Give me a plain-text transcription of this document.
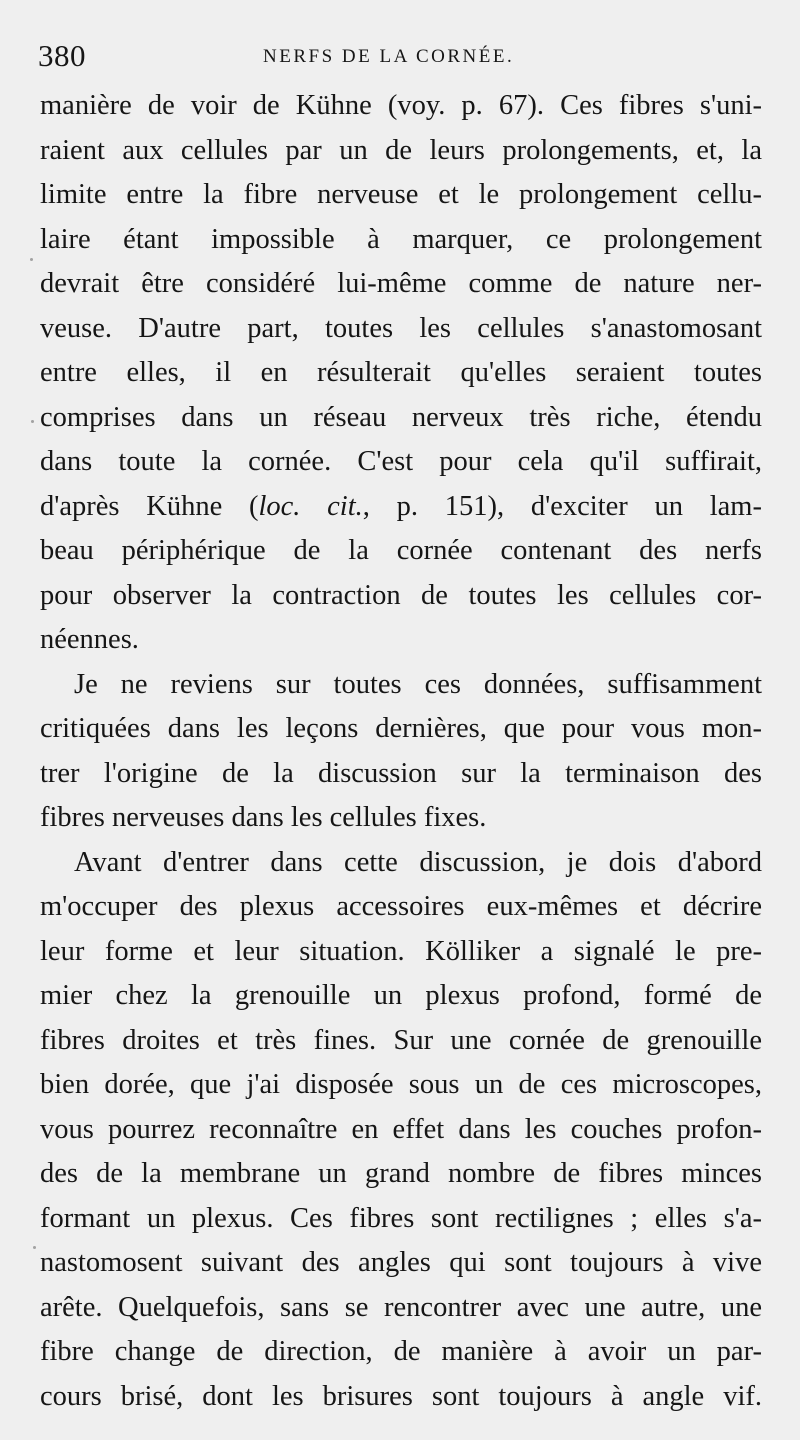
380	NERFS DE LA CORNÉE.
manière de voir de Kühne (voy. p. 67). Ces fibres s'uni-
raient aux cellules par un de leurs prolongements, et, la
limite entre la fibre nerveuse et le prolongement cellu-
laire étant impossible à marquer, ce prolongement
devrait être considéré lui-même comme de nature ner-
veuse. D'autre part, toutes les cellules s'anastomosant
entre elles, il en résulterait qu'elles seraient toutes
comprises dans un réseau nerveux très riche, étendu
dans toute la cornée. C'est pour cela qu'il suffirait,
d'après Kühne (loc. cit., p. 151), d'exciter un lam-
beau périphérique de la cornée contenant des nerfs
pour observer la contraction de toutes les cellules cor-
néennes.
Je ne reviens sur toutes ces données, suffisamment
critiquées dans les leçons dernières, que pour vous mon-
trer l'origine de la discussion sur la terminaison des
fibres nerveuses dans les cellules fixes.
Avant d'entrer dans cette discussion, je dois d'abord
m'occuper des plexus accessoires eux-mêmes et décrire
leur forme et leur situation. Kölliker a signalé le pre-
mier chez la grenouille un plexus profond, formé de
fibres droites et très fines. Sur une cornée de grenouille
bien dorée, que j'ai disposée sous un de ces microscopes,
vous pourrez reconnaître en effet dans les couches profon-
des de la membrane un grand nombre de fibres minces
formant un plexus. Ces fibres sont rectilignes ; elles s'a-
nastomosent suivant des angles qui sont toujours à vive
arête. Quelquefois, sans se rencontrer avec une autre, une
fibre change de direction, de manière à avoir un par-
cours brisé, dont les brisures sont toujours à angle vif.
